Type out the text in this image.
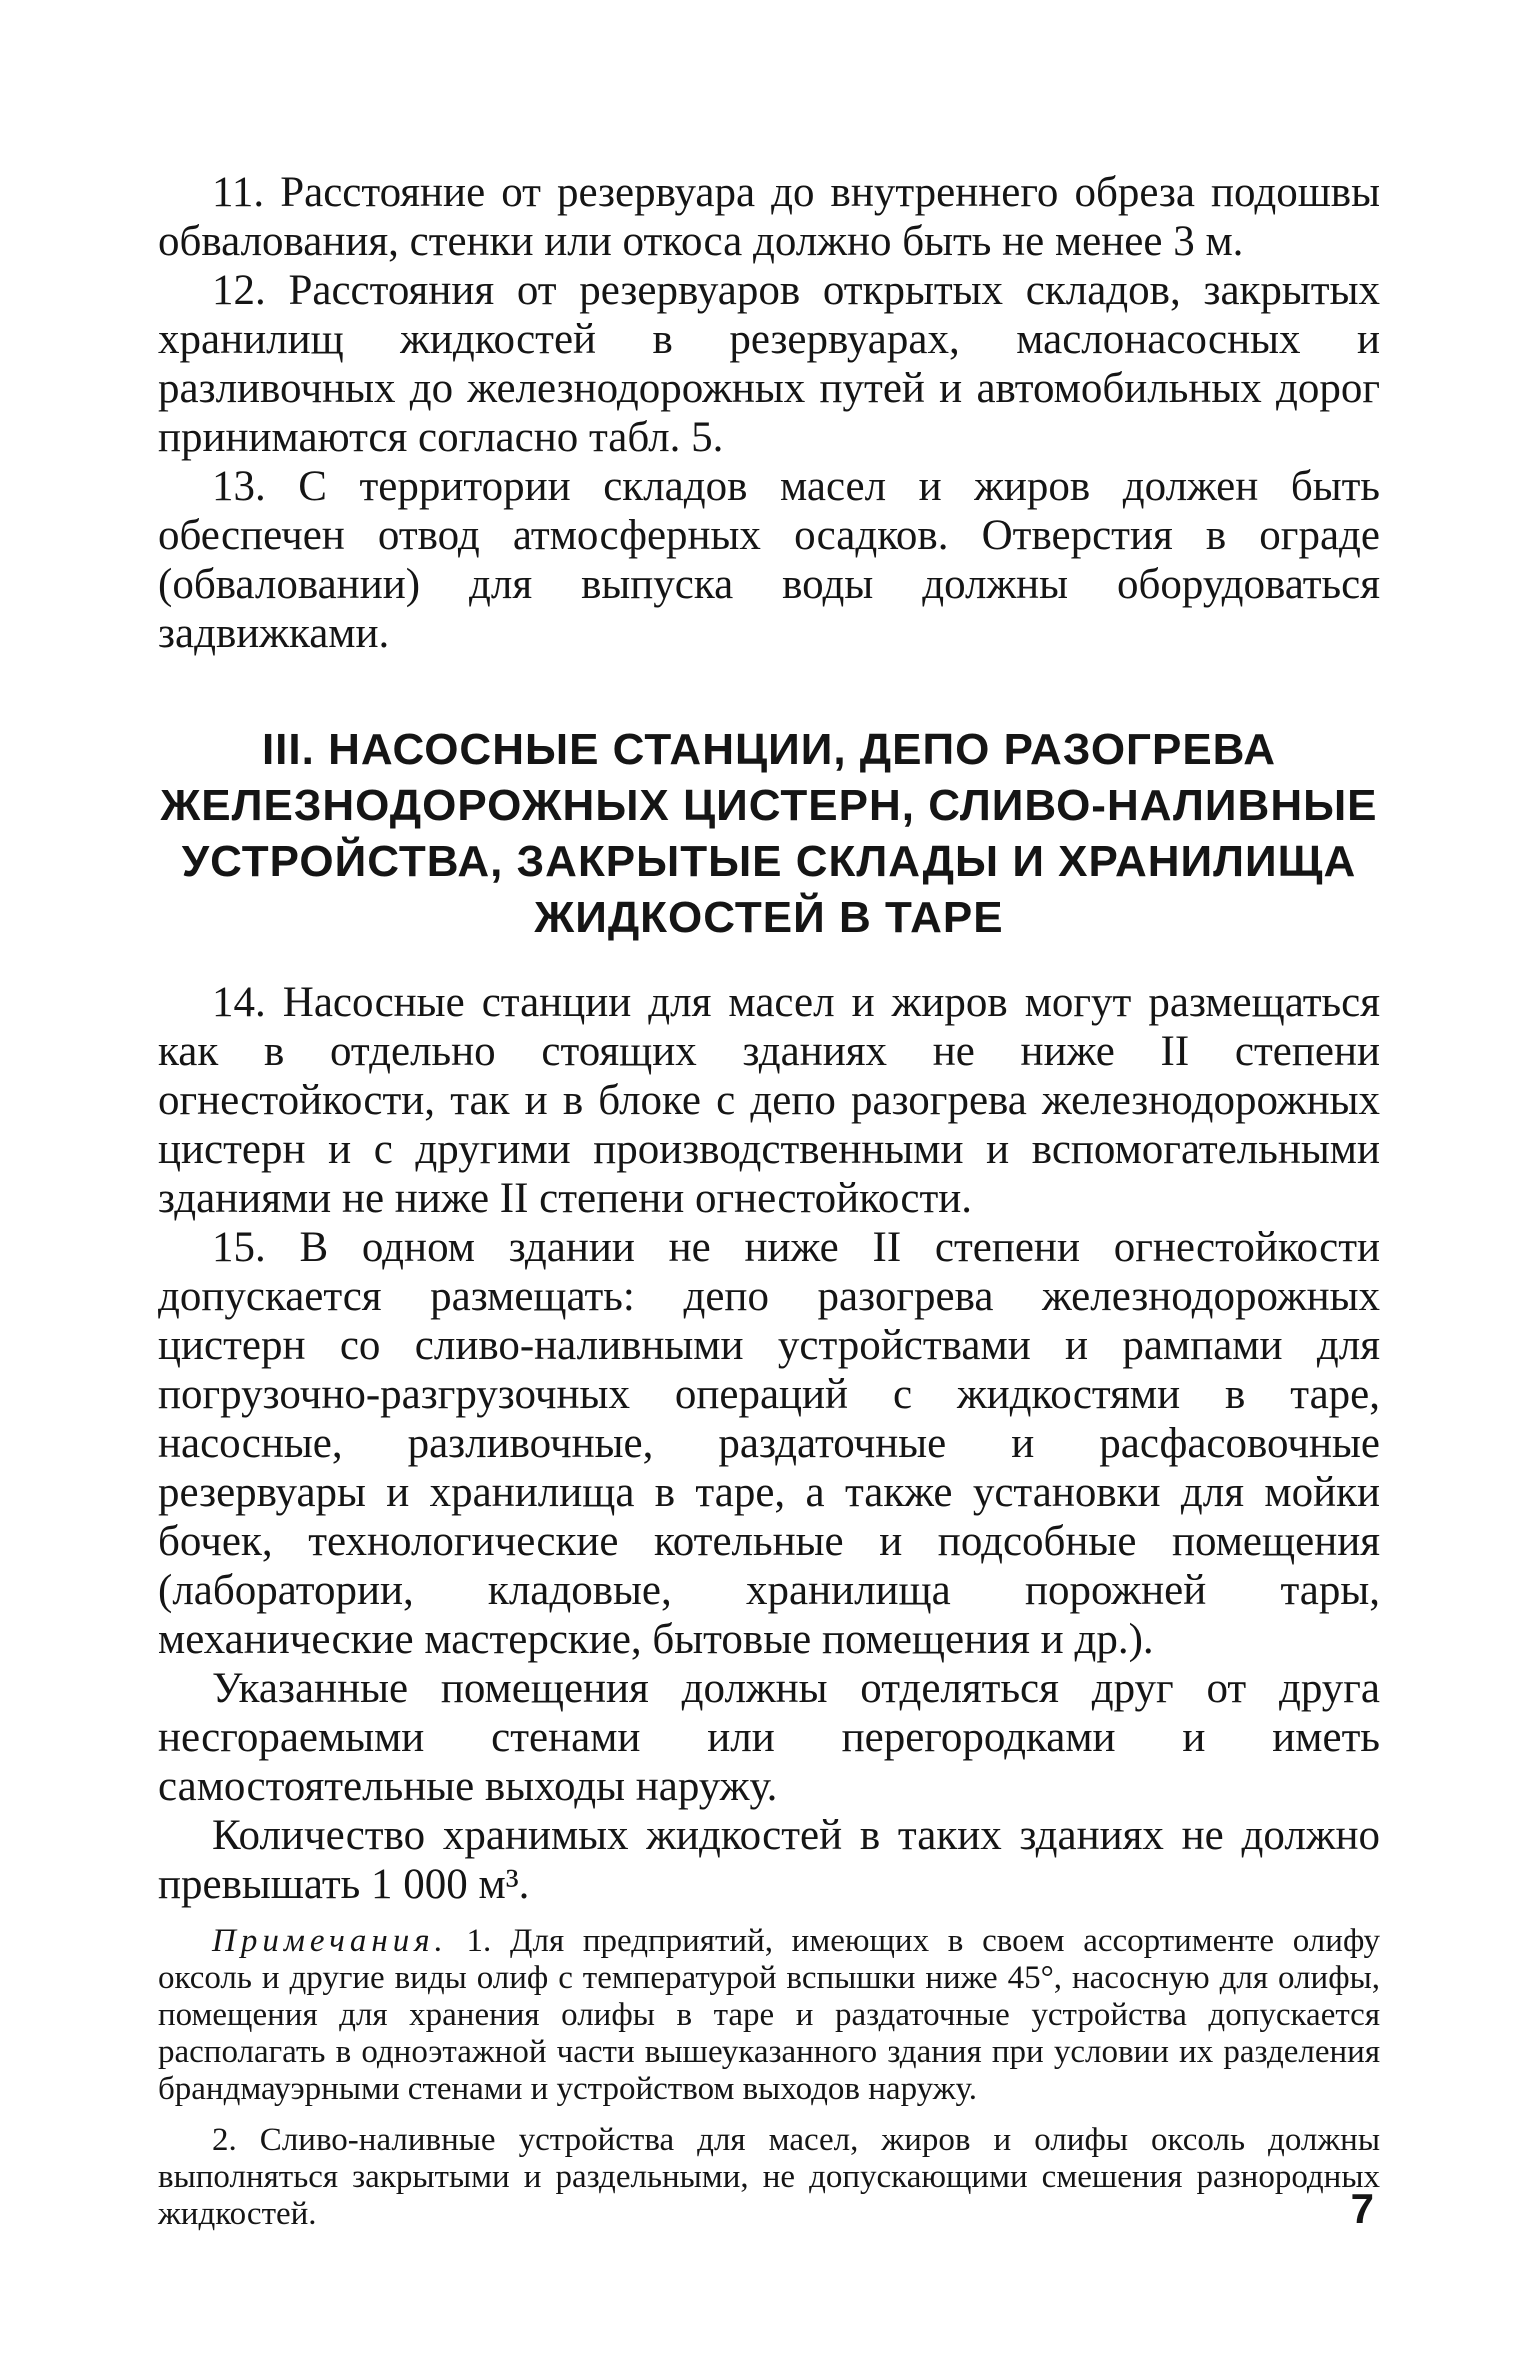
11. Расстояние от резервуара до внутреннего обреза подошвы обвалования, стенки или откоса должно быть не менее 3 м.

12. Расстояния от резервуаров открытых складов, закрытых хранилищ жидкостей в резервуарах, маслонасосных и разливочных до железнодорожных путей и автомобильных дорог принимаются согласно табл. 5.

13. С территории складов масел и жиров должен быть обеспечен отвод атмосферных осадков. Отверстия в ограде (обваловании) для выпуска воды должны оборудоваться задвижками.

III. НАСОСНЫЕ СТАНЦИИ, ДЕПО РАЗОГРЕВА ЖЕЛЕЗНОДОРОЖНЫХ ЦИСТЕРН, СЛИВО-НАЛИВНЫЕ УСТРОЙСТВА, ЗАКРЫТЫЕ СКЛАДЫ И ХРАНИЛИЩА ЖИДКОСТЕЙ В ТАРЕ

14. Насосные станции для масел и жиров могут размещаться как в отдельно стоящих зданиях не ниже II степени огнестойкости, так и в блоке с депо разогрева железнодорожных цистерн и с другими производственными и вспомогательными зданиями не ниже II степени огнестойкости.

15. В одном здании не ниже II степени огнестойкости допускается размещать: депо разогрева железнодорожных цистерн со сливо-наливными устройствами и рампами для погрузочно-разгрузочных операций с жидкостями в таре, насосные, разливочные, раздаточные и расфасовочные резервуары и хранилища в таре, а также установки для мойки бочек, технологические котельные и подсобные помещения (лаборатории, кладовые, хранилища порожней тары, механические мастерские, бытовые помещения и др.).

Указанные помещения должны отделяться друг от друга несгораемыми стенами или перегородками и иметь самостоятельные выходы наружу.

Количество хранимых жидкостей в таких зданиях не должно превышать 1 000 м³.

Примечания. 1. Для предприятий, имеющих в своем ассортименте олифу оксоль и другие виды олиф с температурой вспышки ниже 45°, насосную для олифы, помещения для хранения олифы в таре и раздаточные устройства допускается располагать в одноэтажной части вышеуказанного здания при условии их разделения брандмауэрными стенами и устройством выходов наружу.

2. Сливо-наливные устройства для масел, жиров и олифы оксоль должны выполняться закрытыми и раздельными, не допускающими смешения разнородных жидкостей.	7
